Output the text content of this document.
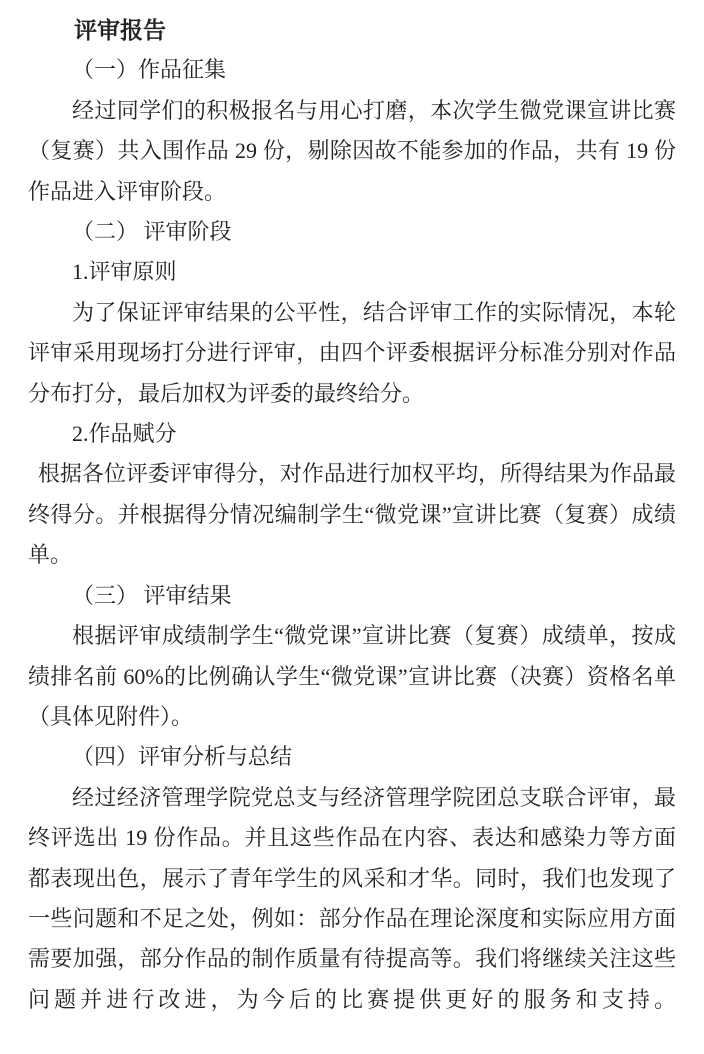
评审报告
（一）作品征集
经过同学们的积极报名与用心打磨，本次学生微党课宣讲比赛（复赛）共入围作品 29 份，剔除因故不能参加的作品，共有 19 份作品进入评审阶段。
（二） 评审阶段
1.评审原则
为了保证评审结果的公平性，结合评审工作的实际情况，本轮评审采用现场打分进行评审，由四个评委根据评分标准分别对作品分布打分，最后加权为评委的最终给分。
2.作品赋分
根据各位评委评审得分，对作品进行加权平均，所得结果为作品最终得分。并根据得分情况编制学生“微党课”宣讲比赛（复赛）成绩单。
（三） 评审结果
根据评审成绩制学生“微党课”宣讲比赛（复赛）成绩单，按成绩排名前 60%的比例确认学生“微党课”宣讲比赛（决赛）资格名单（具体见附件）。
（四）评审分析与总结
经过经济管理学院党总支与经济管理学院团总支联合评审，最终评选出 19 份作品。并且这些作品在内容、表达和感染力等方面都表现出色，展示了青年学生的风采和才华。同时，我们也发现了一些问题和不足之处，例如：部分作品在理论深度和实际应用方面需要加强，部分作品的制作质量有待提高等。我们将继续关注这些问题并进行改进，为今后的比赛提供更好的服务和支持。
